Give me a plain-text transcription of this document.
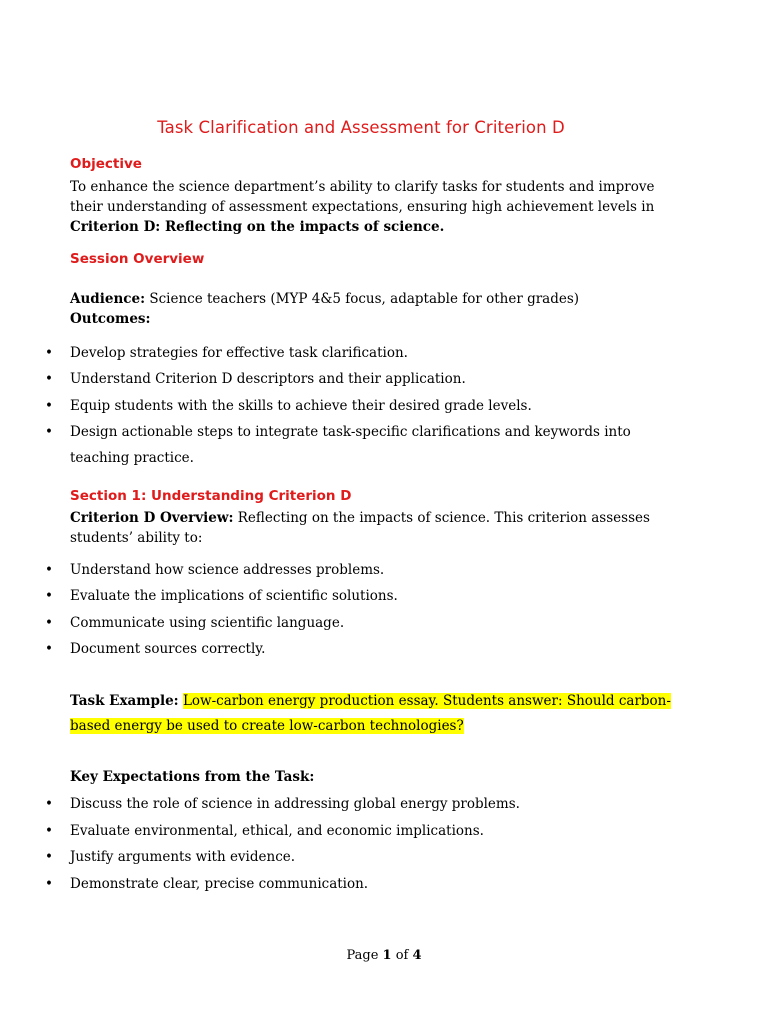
Task Clarification and Assessment for Criterion D
Objective
To enhance the science department’s ability to clarify tasks for students and improve their understanding of assessment expectations, ensuring high achievement levels in Criterion D: Reflecting on the impacts of science.
Session Overview
Audience: Science teachers (MYP 4&5 focus, adaptable for other grades)
Outcomes:
• Develop strategies for effective task clarification.
• Understand Criterion D descriptors and their application.
• Equip students with the skills to achieve their desired grade levels.
• Design actionable steps to integrate task-specific clarifications and keywords into
teaching practice.
Section 1: Understanding Criterion D
Criterion D Overview: Reflecting on the impacts of science. This criterion assesses
students’ ability to:
• Understand how science addresses problems.
• Evaluate the implications of scientific solutions.
• Communicate using scientific language.
• Document sources correctly.
Task Example: Low-carbon energy production essay. Students answer: Should carbon-
based energy be used to create low-carbon technologies?
Key Expectations from the Task:
• Discuss the role of science in addressing global energy problems.
• Evaluate environmental, ethical, and economic implications.
• Justify arguments with evidence.
• Demonstrate clear, precise communication.
Page 1 of 4
